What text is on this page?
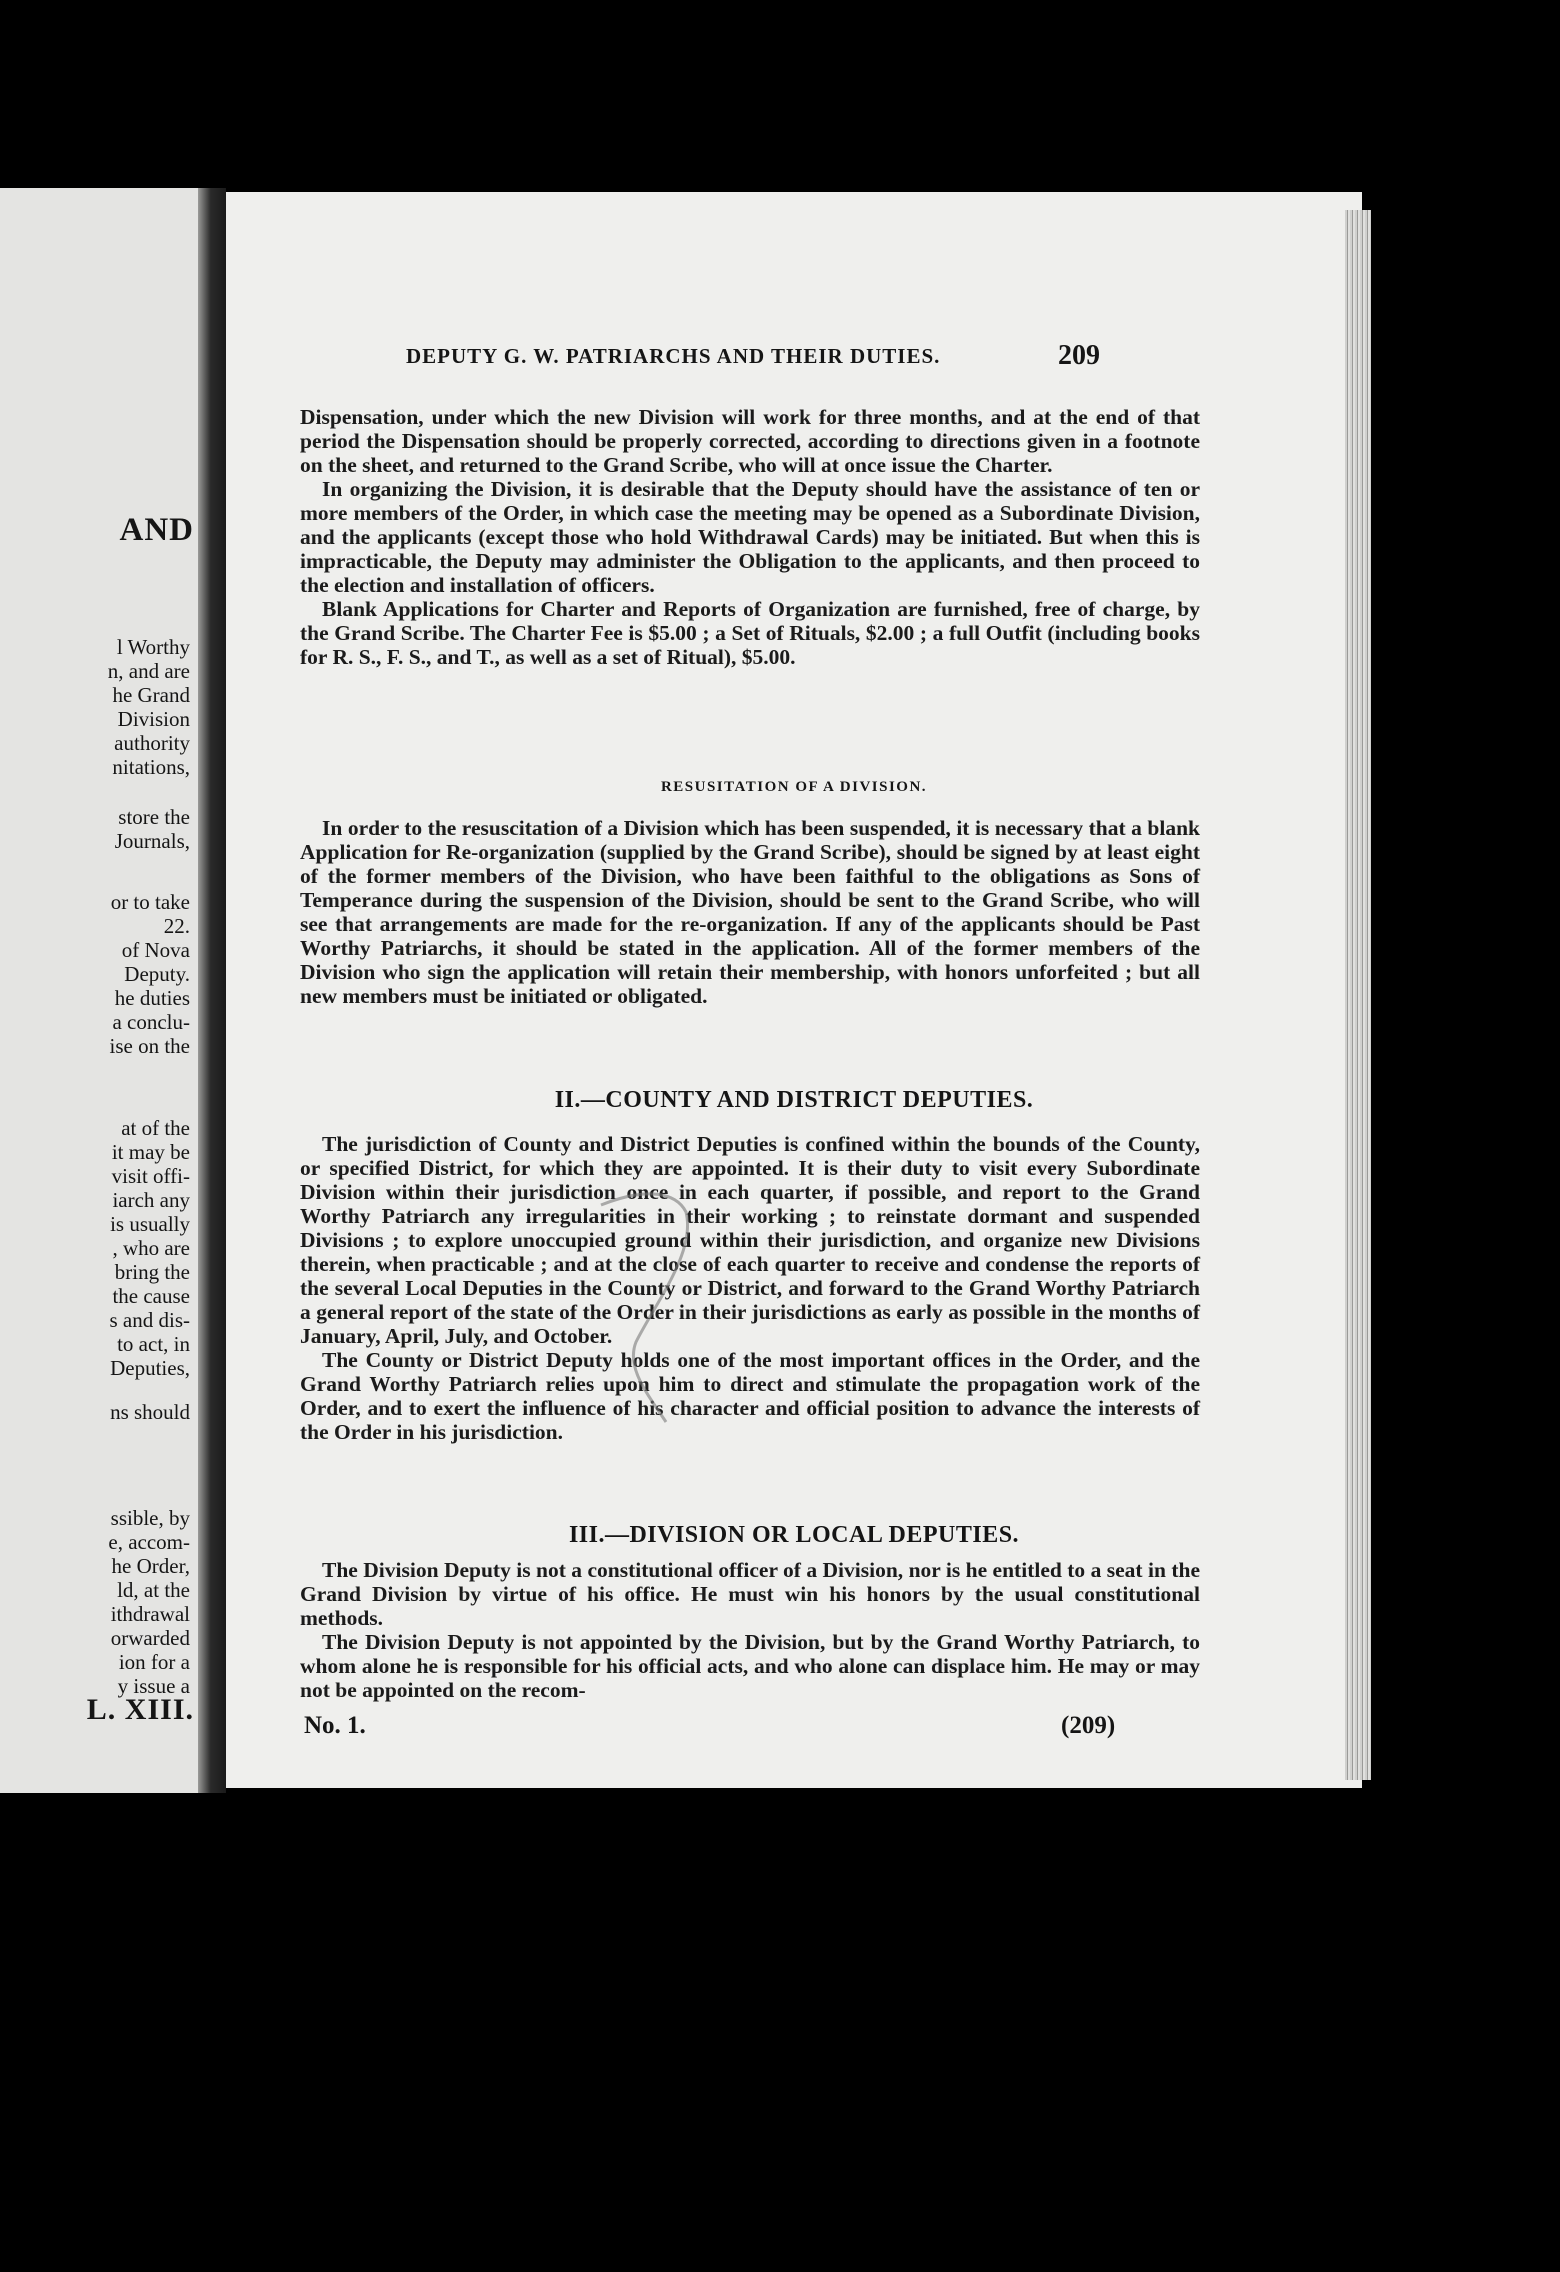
AND
l Worthy
n, and are
he Grand
Division
authority
nitations,
store the
Journals,
or to take
22.
of Nova
Deputy.
he duties
a conclu-
ise on the
at of the
it may be
visit offi-
iarch any
is usually
, who are
bring the
the cause
s and dis-
to act, in
Deputies,
ns should
ssible, by
e, accom-
he Order,
ld, at the
ithdrawal
orwarded
ion for a
y issue a
L. XIII.
DEPUTY G. W. PATRIARCHS AND THEIR DUTIES.	209

Dispensation, under which the new Division will work for three months, and at the end of that period the Dispensation should be properly corrected, according to directions given in a footnote on the sheet, and returned to the Grand Scribe, who will at once issue the Charter.

In organizing the Division, it is desirable that the Deputy should have the assistance of ten or more members of the Order, in which case the meeting may be opened as a Subordinate Division, and the applicants (except those who hold Withdrawal Cards) may be initiated. But when this is impracticable, the Deputy may administer the Obligation to the applicants, and then proceed to the election and installation of officers.

Blank Applications for Charter and Reports of Organization are furnished, free of charge, by the Grand Scribe. The Charter Fee is $5.00 ; a Set of Rituals, $2.00 ; a full Outfit (including books for R. S., F. S., and T., as well as a set of Ritual), $5.00.

RESUSITATION OF A DIVISION.

In order to the resuscitation of a Division which has been suspended, it is necessary that a blank Application for Re-organization (supplied by the Grand Scribe), should be signed by at least eight of the former members of the Division, who have been faithful to the obligations as Sons of Temperance during the suspension of the Division, should be sent to the Grand Scribe, who will see that arrangements are made for the re-organization. If any of the applicants should be Past Worthy Patriarchs, it should be stated in the application. All of the former members of the Division who sign the application will retain their membership, with honors unforfeited ; but all new members must be initiated or obligated.

II.—COUNTY AND DISTRICT DEPUTIES.

The jurisdiction of County and District Deputies is confined within the bounds of the County, or specified District, for which they are appointed. It is their duty to visit every Subordinate Division within their jurisdiction once in each quarter, if possible, and report to the Grand Worthy Patriarch any irregularities in their working ; to reinstate dormant and suspended Divisions ; to explore unoccupied ground within their jurisdiction, and organize new Divisions therein, when practicable ; and at the close of each quarter to receive and condense the reports of the several Local Deputies in the County or District, and forward to the Grand Worthy Patriarch a general report of the state of the Order in their jurisdictions as early as possible in the months of January, April, July, and October.

The County or District Deputy holds one of the most important offices in the Order, and the Grand Worthy Patriarch relies upon him to direct and stimulate the propagation work of the Order, and to exert the influence of his character and official position to advance the interests of the Order in his jurisdiction.

III.—DIVISION OR LOCAL DEPUTIES.

The Division Deputy is not a constitutional officer of a Division, nor is he entitled to a seat in the Grand Division by virtue of his office. He must win his honors by the usual constitutional methods.

The Division Deputy is not appointed by the Division, but by the Grand Worthy Patriarch, to whom alone he is responsible for his official acts, and who alone can displace him. He may or may not be appointed on the recom-

No. 1.	(209)
